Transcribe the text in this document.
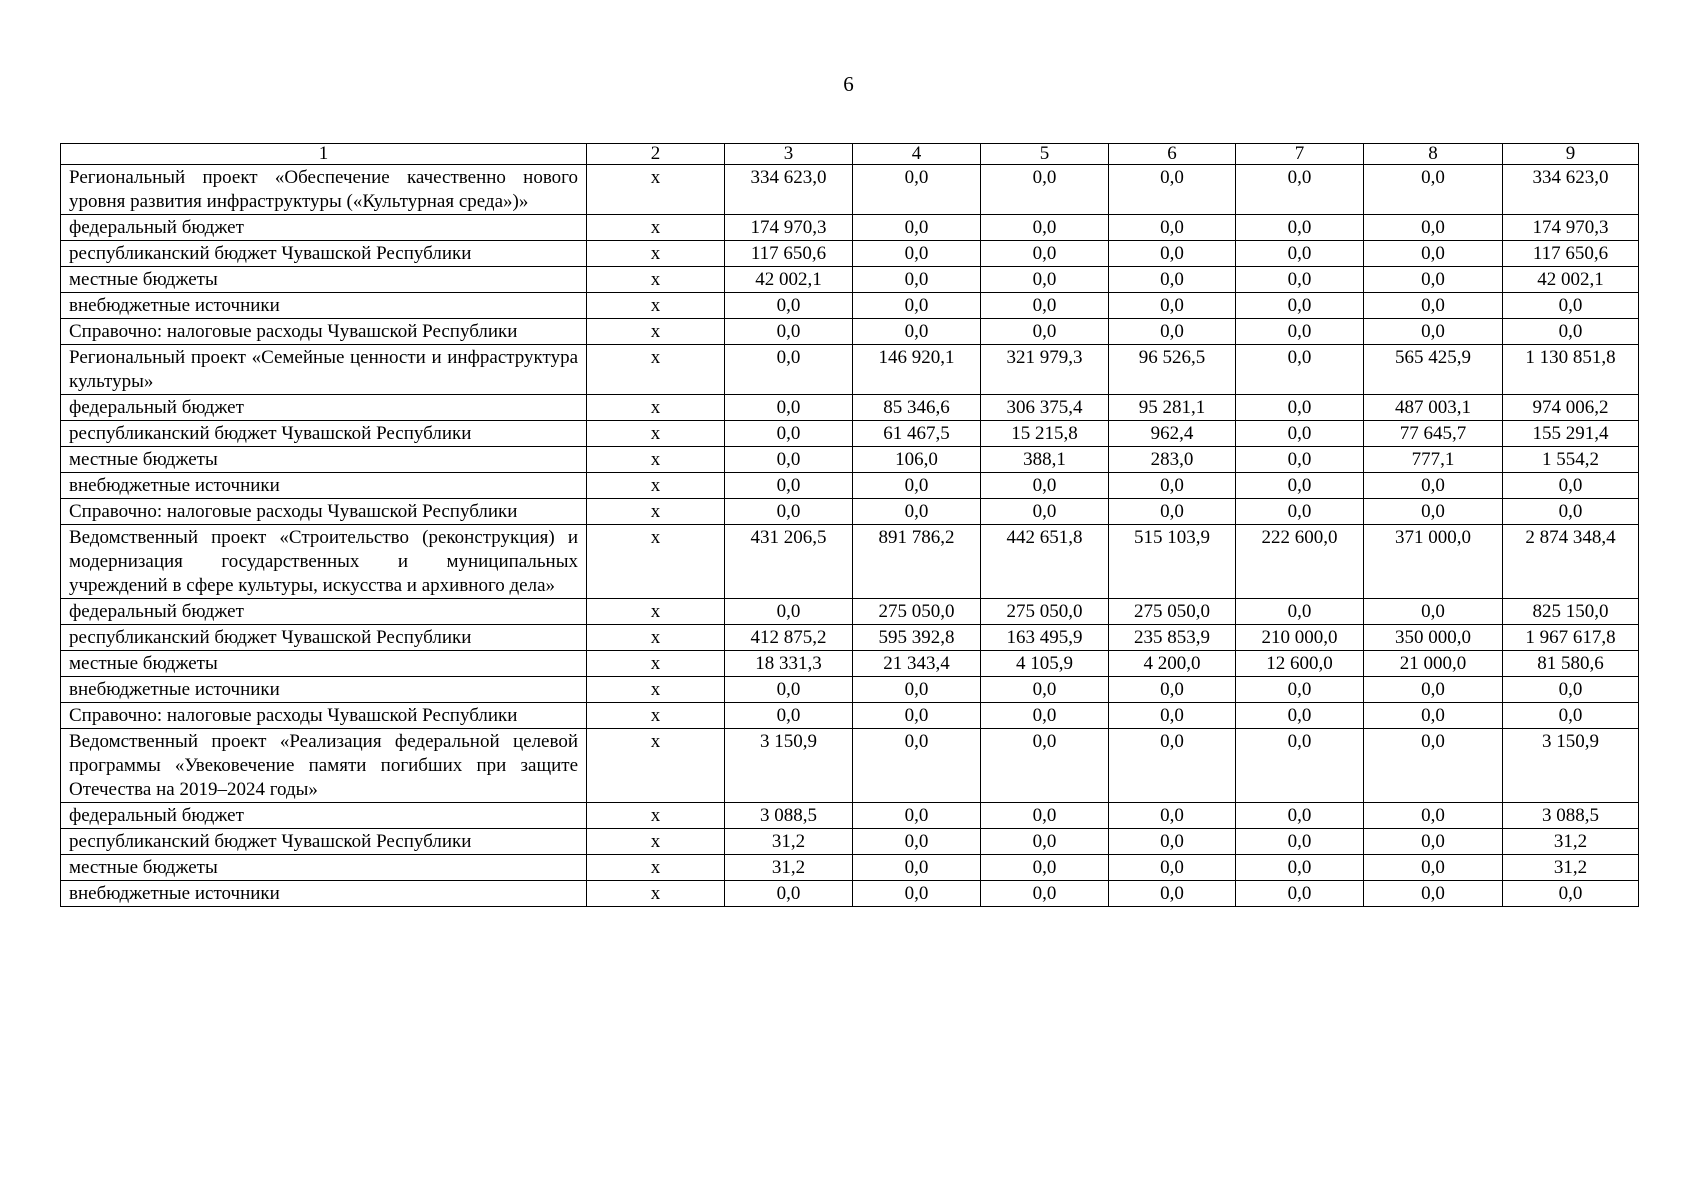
6
1	2	3	4	5	6	7	8	9
Региональный проект «Обеспечение качественно нового уровня развития инфраструктуры («Культурная среда»)»	х	334 623,0	0,0	0,0	0,0	0,0	0,0	334 623,0
федеральный бюджет	х	174 970,3	0,0	0,0	0,0	0,0	0,0	174 970,3
республиканский бюджет Чувашской Республики	х	117 650,6	0,0	0,0	0,0	0,0	0,0	117 650,6
местные бюджеты	х	42 002,1	0,0	0,0	0,0	0,0	0,0	42 002,1
внебюджетные источники	х	0,0	0,0	0,0	0,0	0,0	0,0	0,0
Справочно: налоговые расходы Чувашской Республики	х	0,0	0,0	0,0	0,0	0,0	0,0	0,0
Региональный проект «Семейные ценности и инфраструктура культуры»	х	0,0	146 920,1	321 979,3	96 526,5	0,0	565 425,9	1 130 851,8
федеральный бюджет	х	0,0	85 346,6	306 375,4	95 281,1	0,0	487 003,1	974 006,2
республиканский бюджет Чувашской Республики	х	0,0	61 467,5	15 215,8	962,4	0,0	77 645,7	155 291,4
местные бюджеты	х	0,0	106,0	388,1	283,0	0,0	777,1	1 554,2
внебюджетные источники	х	0,0	0,0	0,0	0,0	0,0	0,0	0,0
Справочно: налоговые расходы Чувашской Республики	х	0,0	0,0	0,0	0,0	0,0	0,0	0,0
Ведомственный проект «Строительство (реконструкция) и модернизация государственных и муниципальных учреждений в сфере культуры, искусства и архивного дела»	х	431 206,5	891 786,2	442 651,8	515 103,9	222 600,0	371 000,0	2 874 348,4
федеральный бюджет	х	0,0	275 050,0	275 050,0	275 050,0	0,0	0,0	825 150,0
республиканский бюджет Чувашской Республики	х	412 875,2	595 392,8	163 495,9	235 853,9	210 000,0	350 000,0	1 967 617,8
местные бюджеты	х	18 331,3	21 343,4	4 105,9	4 200,0	12 600,0	21 000,0	81 580,6
внебюджетные источники	х	0,0	0,0	0,0	0,0	0,0	0,0	0,0
Справочно: налоговые расходы Чувашской Республики	х	0,0	0,0	0,0	0,0	0,0	0,0	0,0
Ведомственный проект «Реализация федеральной целевой программы «Увековечение памяти погибших при защите Отечества на 2019–2024 годы»	х	3 150,9	0,0	0,0	0,0	0,0	0,0	3 150,9
федеральный бюджет	х	3 088,5	0,0	0,0	0,0	0,0	0,0	3 088,5
республиканский бюджет Чувашской Республики	х	31,2	0,0	0,0	0,0	0,0	0,0	31,2
местные бюджеты	х	31,2	0,0	0,0	0,0	0,0	0,0	31,2
внебюджетные источники	х	0,0	0,0	0,0	0,0	0,0	0,0	0,0
